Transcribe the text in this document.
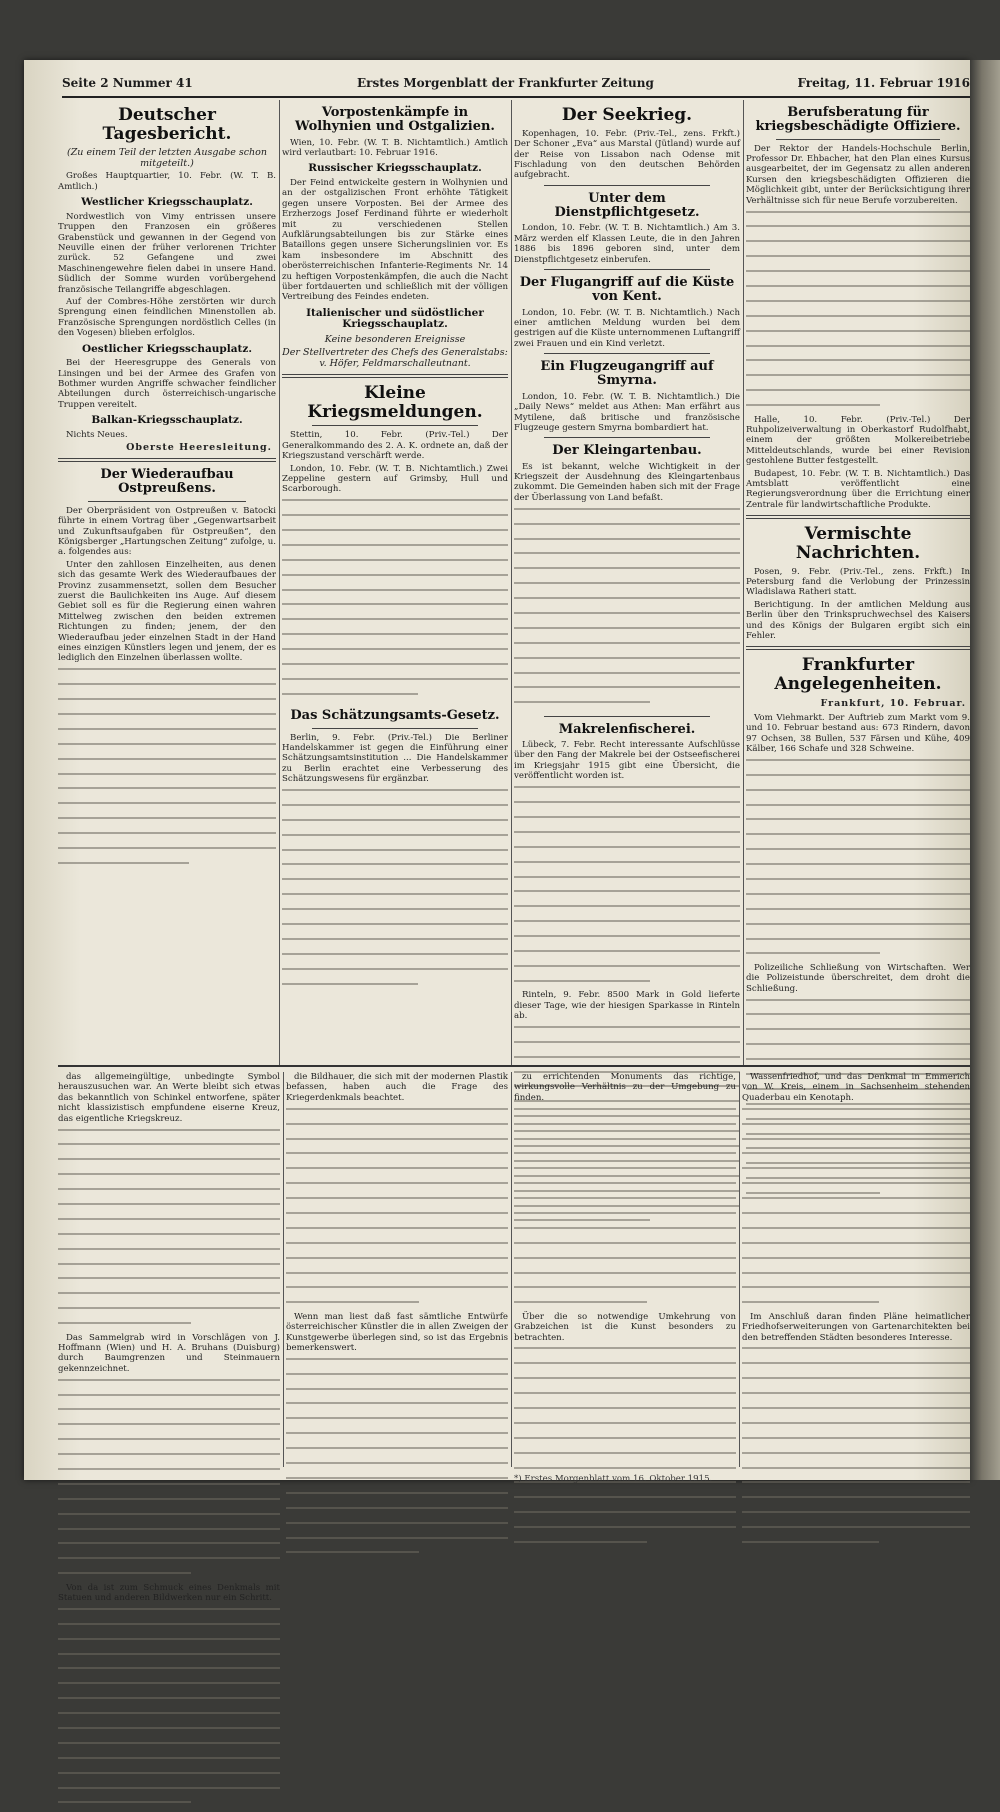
Seite 2 Nummer 41	Erstes Morgenblatt der Frankfurter Zeitung	Freitag, 11. Februar 1916
Deutscher Tagesbericht.
(Zu einem Teil der letzten Ausgabe schon mitgeteilt.)

Großes Hauptquartier, 10. Febr. (W. T. B. Amtlich.)

Westlicher Kriegsschauplatz.

Nordwestlich von Vimy entrissen unsere Truppen den Franzosen ein größeres Grabenstück und gewannen in der Gegend von Neuville einen der früher verlorenen Trichter zurück. 52 Gefangene und zwei Maschinengewehre fielen dabei in unsere Hand. Südlich der Somme wurden vorübergehend französische Teilangriffe abgeschlagen.

Auf der Combres-Höhe zerstörten wir durch Sprengung einen feindlichen Minenstollen ab. Französische Sprengungen nordöstlich Celles (in den Vogesen) blieben erfolglos.

Oestlicher Kriegsschauplatz.

Bei der Heeresgruppe des Generals von Linsingen und bei der Armee des Grafen von Bothmer wurden Angriffe schwacher feindlicher Abteilungen durch österreichisch-ungarische Truppen vereitelt.

Balkan-Kriegsschauplatz.

Nichts Neues.

Oberste Heeresleitung.
Der Wiederaufbau Ostpreußens.

Der Oberpräsident von Ostpreußen v. Batocki führte in einem Vortrag über „Gegenwartsarbeit und Zukunftsaufgaben für Ostpreußen“, den Königsberger „Hartungschen Zeitung“ zufolge, u. a. folgendes aus:

Unter den zahllosen Einzelheiten, aus denen sich das gesamte Werk des Wiederaufbaues der Provinz zusammensetzt, sollen dem Besucher zuerst die Baulichkeiten ins Auge. Auf diesem Gebiet soll es für die Regierung einen wahren Mittelweg zwischen den beiden extremen Richtungen zu finden; jenem, der den Wiederaufbau jeder einzelnen Stadt in der Hand eines einzigen Künstlers legen und jenem, der es lediglich den Einzelnen überlassen wollte.

Vorpostenkämpfe in Wolhynien und Ostgalizien.

Wien, 10. Febr. (W. T. B. Nichtamtlich.) Amtlich wird verlautbart: 10. Februar 1916.

Russischer Kriegsschauplatz.

Der Feind entwickelte gestern in Wolhynien und an der ostgalizischen Front erhöhte Tätigkeit gegen unsere Vorposten. Bei der Armee des Erzherzogs Josef Ferdinand führte er wiederholt mit zu verschiedenen Stellen Aufklärungsabteilungen bis zur Stärke eines Bataillons gegen unsere Sicherungslinien vor. Es kam insbesondere im Abschnitt des oberösterreichischen Infanterie-Regiments Nr. 14 zu heftigen Vorpostenkämpfen, die auch die Nacht über fortdauerten und schließlich mit der völligen Vertreibung des Feindes endeten.

Italienischer und südöstlicher Kriegsschauplatz.
Keine besonderen Ereignisse
Der Stellvertreter des Chefs des Generalstabs: v. Höfer, Feldmarschalleutnant.
Kleine Kriegsmeldungen.

Stettin, 10. Febr. (Priv.-Tel.) Der Generalkommando des 2. A. K. ordnete an, daß der Kriegszustand verschärft werde.

London, 10. Febr. (W. T. B. Nichtamtlich.) Zwei Zeppeline gestern auf Grimsby, Hull und Scarborough.

Das Schätzungsamts-Gesetz.

Berlin, 9. Febr. (Priv.-Tel.) Die Berliner Handelskammer ist gegen die Einführung einer Schätzungsamtsinstitution ... Die Handelskammer zu Berlin erachtet eine Verbesserung des Schätzungswesens für ergänzbar.

Der Seekrieg.

Kopenhagen, 10. Febr. (Priv.-Tel., zens. Frkft.) Der Schoner „Eva“ aus Marstal (Jütland) wurde auf der Reise von Lissabon nach Odense mit Fischladung von den deutschen Behörden aufgebracht.

Unter dem Dienstpflichtgesetz.

London, 10. Febr. (W. T. B. Nichtamtlich.) Am 3. März werden elf Klassen Leute, die in den Jahren 1886 bis 1896 geboren sind, unter dem Dienstpflichtgesetz einberufen.

Der Flugangriff auf die Küste von Kent.

London, 10. Febr. (W. T. B. Nichtamtlich.) Nach einer amtlichen Meldung wurden bei dem gestrigen auf die Küste unternommenen Luftangriff zwei Frauen und ein Kind verletzt.

Ein Flugzeugangriff auf Smyrna.

London, 10. Febr. (W. T. B. Nichtamtlich.) Die „Daily News“ meldet aus Athen: Man erfährt aus Mytilene, daß britische und französische Flugzeuge gestern Smyrna bombardiert hat.

Der Kleingartenbau.

Es ist bekannt, welche Wichtigkeit in der Kriegszeit der Ausdehnung des Kleingartenbaus zukommt. Die Gemeinden haben sich mit der Frage der Überlassung von Land befaßt.

Makrelenfischerei.

Lübeck, 7. Febr. Recht interessante Aufschlüsse über den Fang der Makrele bei der Ostseefischerei im Kriegsjahr 1915 gibt eine Übersicht, die veröffentlicht worden ist.

Rinteln, 9. Febr. 8500 Mark in Gold lieferte dieser Tage, wie der hiesigen Sparkasse in Rinteln ab.

Berufsberatung für kriegsbeschädigte Offiziere.

Der Rektor der Handels-Hochschule Berlin, Professor Dr. Ehbacher, hat den Plan eines Kursus ausgearbeitet, der im Gegensatz zu allen anderen Kursen den kriegsbeschädigten Offizieren die Möglichkeit gibt, unter der Berücksichtigung ihrer Verhältnisse sich für neue Berufe vorzubereiten.

Halle, 10. Febr. (Priv.-Tel.) Der Ruhpolizeiverwaltung in Oberkastorf Rudolfhabt, einem der größten Molkereibetriebe Mitteldeutschlands, wurde bei einer Revision gestohlene Butter festgestellt.

Budapest, 10. Febr. (W. T. B. Nichtamtlich.) Das Amtsblatt veröffentlicht eine Regierungsverordnung über die Errichtung einer Zentrale für landwirtschaftliche Produkte.

Vermischte Nachrichten.

Posen, 9. Febr. (Priv.-Tel., zens. Frkft.) In Petersburg fand die Verlobung der Prinzessin Wladislawa Ratheri statt.

Berichtigung. In der amtlichen Meldung aus Berlin über den Trinkspruchwechsel des Kaisers und des Königs der Bulgaren ergibt sich ein Fehler.

Frankfurter Angelegenheiten.
Frankfurt, 10. Februar.

Vom Viehmarkt. Der Auftrieb zum Markt vom 9. und 10. Februar bestand aus: 673 Rindern, davon 97 Ochsen, 38 Bullen, 537 Färsen und Kühe, 409 Kälber, 166 Schafe und 328 Schweine.

Polizeiliche Schließung von Wirtschaften. Wer die Polizeistunde überschreitet, dem droht die Schließung.

das allgemeingültige, unbedingte Symbol herauszusuchen war. An Werte bleibt sich etwas das bekanntlich von Schinkel entworfene, später nicht klassizistisch empfundene eiserne Kreuz, das eigentliche Kriegskreuz.

Das Sammelgrab wird in Vorschlägen von J. Hoffmann (Wien) und H. A. Bruhans (Duisburg) durch Baumgrenzen und Steinmauern gekennzeichnet.

Von da ist zum Schmuck eines Denkmals mit Statuen und anderen Bildwerken nur ein Schritt.

die Bildhauer, die sich mit der modernen Plastik befassen, haben auch die Frage des Kriegerdenkmals beachtet.

Wenn man liest daß fast sämtliche Entwürfe österreichischer Künstler die in allen Zweigen der Kunstgewerbe überlegen sind, so ist das Ergebnis bemerkenswert.

zu errichtenden Monuments das richtige, wirkungsvolle Verhältnis zu der Umgebung zu finden.

Über die so notwendige Umkehrung von Grabzeichen ist die Kunst besonders zu betrachten.

Wassenfriedhof, und das Denkmal in Emmerich von W. Kreis, einem in Sachsenheim stehenden Quaderbau ein Kenotaph.

Im Anschluß daran finden Pläne heimatlicher Friedhofserweiterungen von Gartenarchitekten bei den betreffenden Städten besonderes Interesse.

*) Erstes Morgenblatt vom 16. Oktober 1915.
